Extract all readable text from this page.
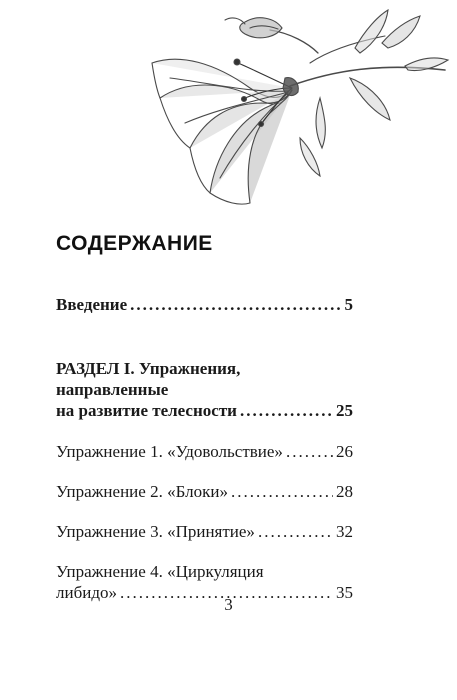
СОДЕРЖАНИЕ
Введение .....	5
РАЗДЕЛ I. Упражнения, направленные
на развитие телесности .....	25
Упражнение 1. «Удовольствие» .....	26
Упражнение 2. «Блоки» .....	28
Упражнение 3. «Принятие» .....	32
Упражнение 4. «Циркуляция
либидо» .....	35
3
